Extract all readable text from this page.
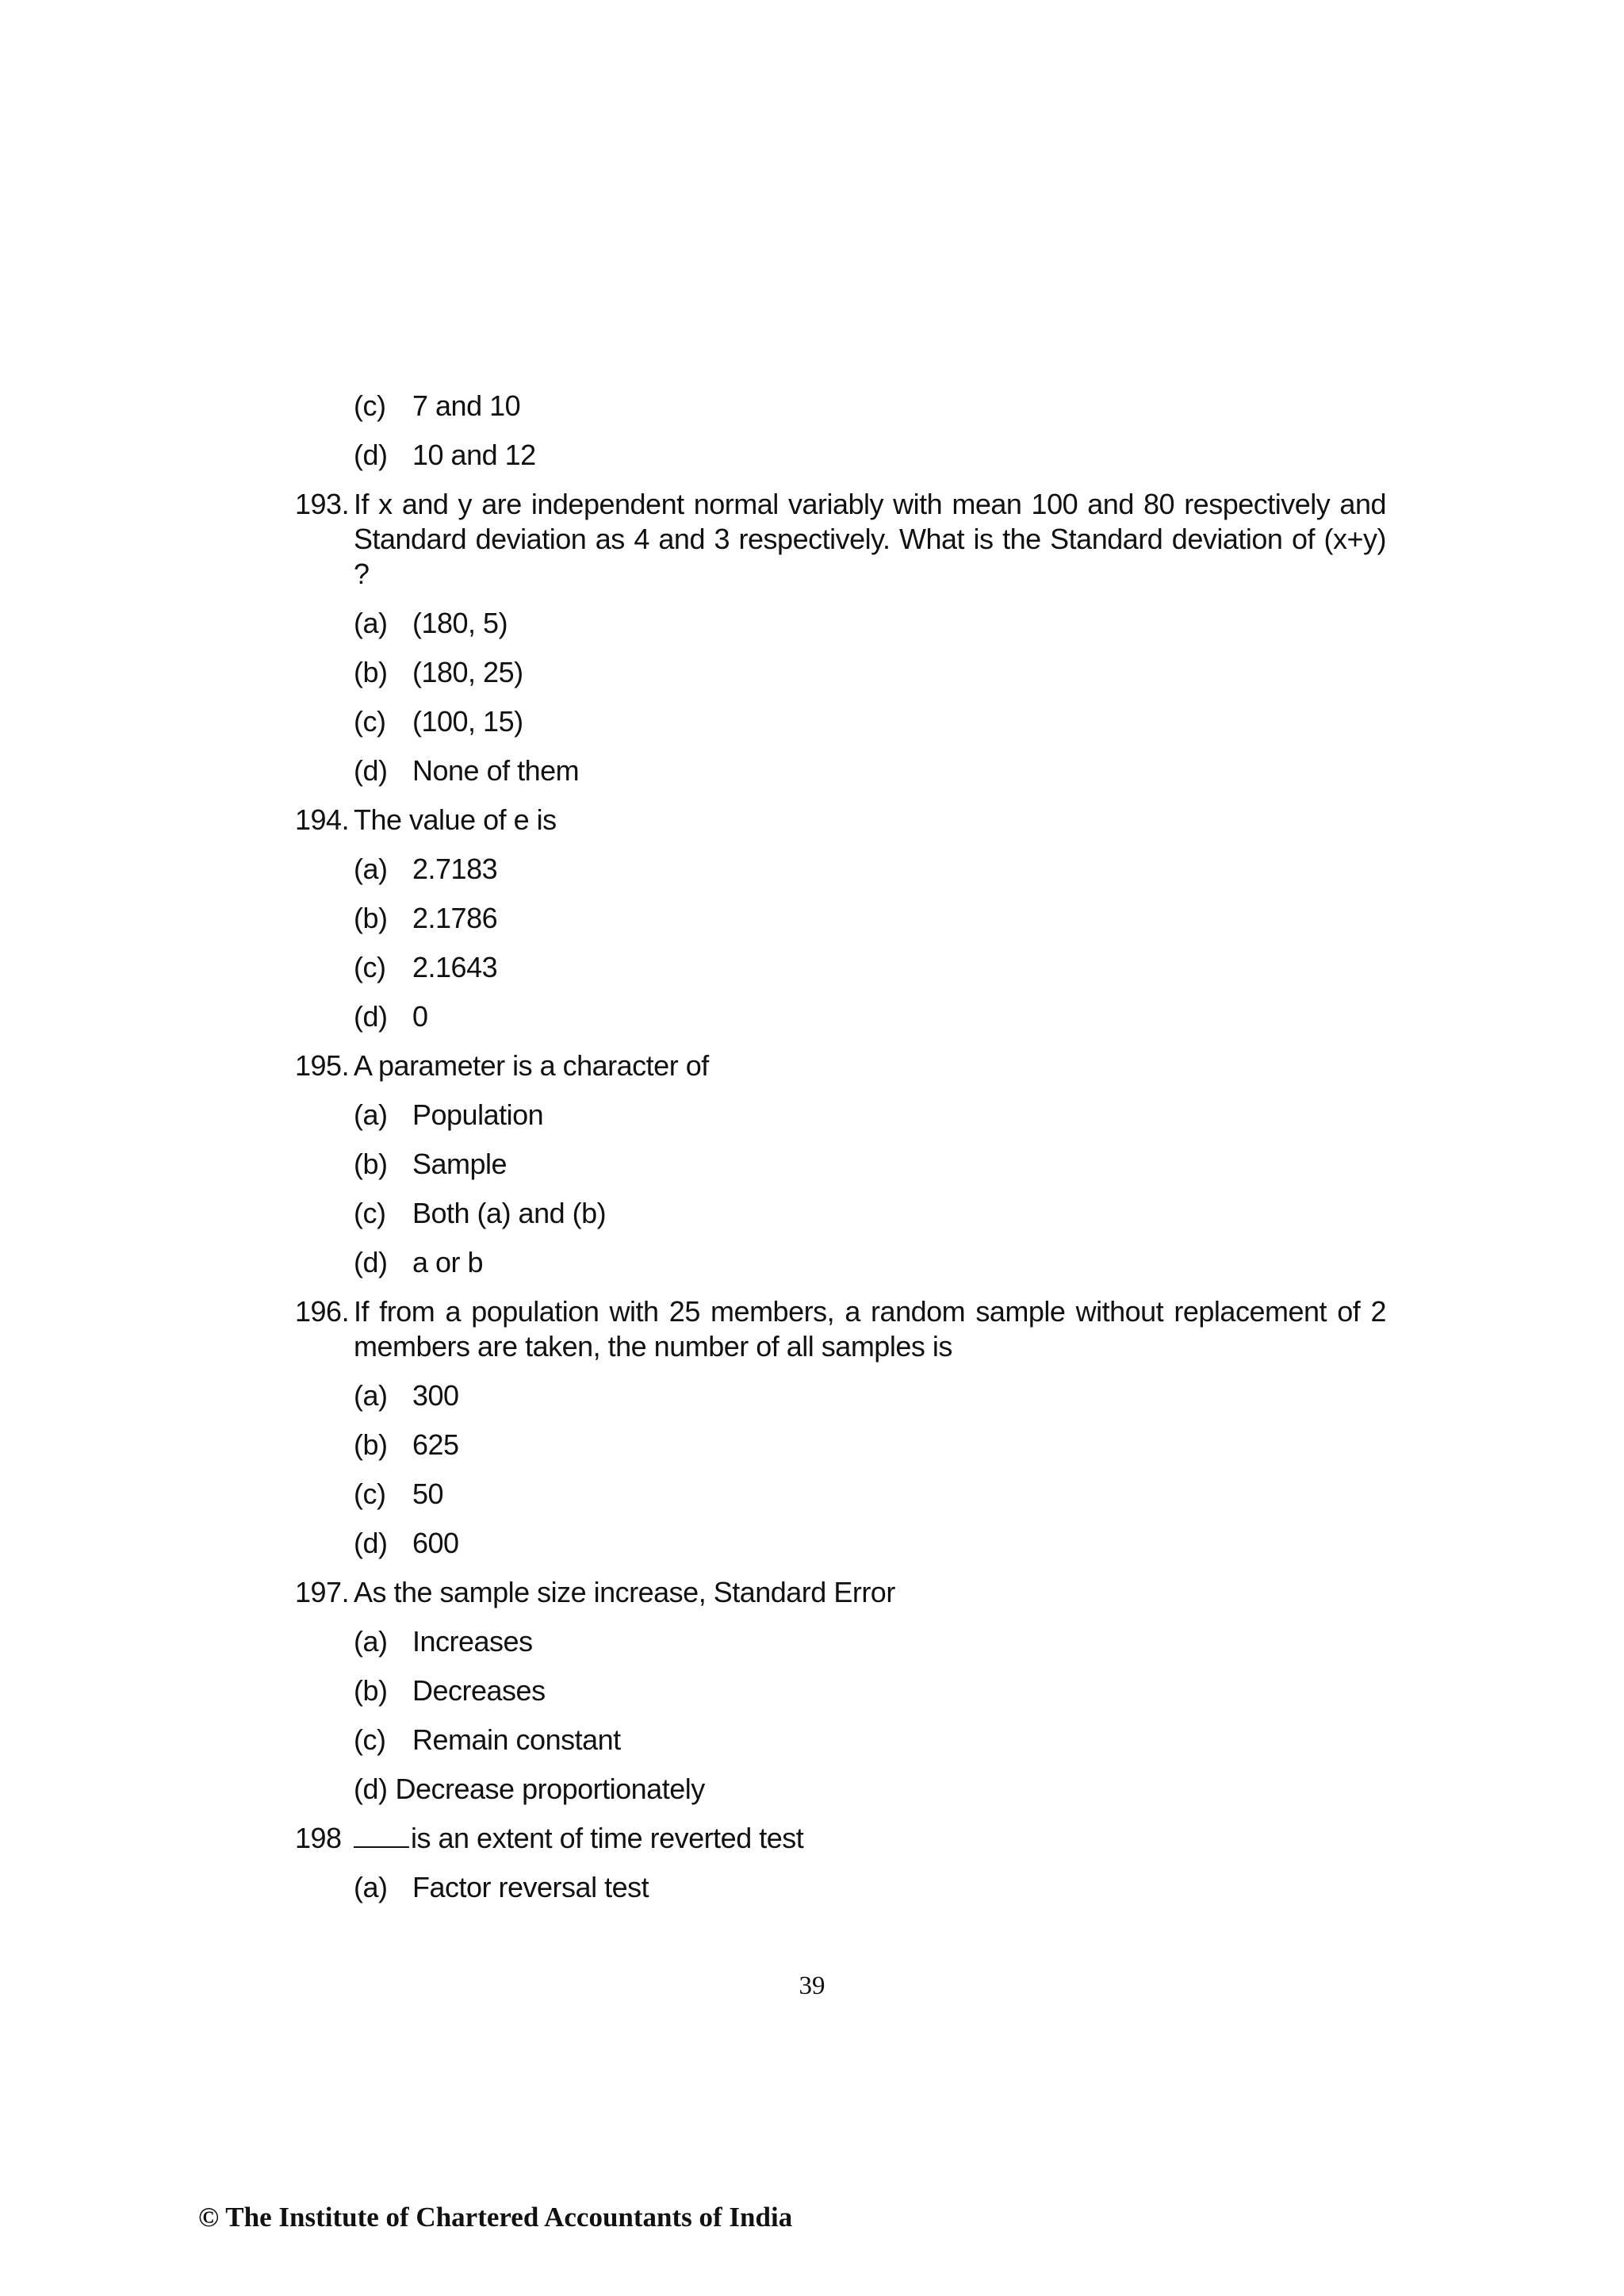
(c) 7 and 10
(d) 10 and 12
193. If x and y are independent normal variably with mean 100 and 80 respectively and Standard deviation as 4 and 3 respectively. What is the Standard deviation of (x+y) ?
(a) (180, 5)
(b) (180, 25)
(c) (100, 15)
(d) None of them
194. The value of e is
(a) 2.7183
(b) 2.1786
(c) 2.1643
(d) 0
195. A parameter is a character of
(a) Population
(b) Sample
(c) Both (a) and (b)
(d) a or b
196. If from a population with 25 members, a random sample without replacement of 2 members are taken, the number of all samples is
(a) 300
(b) 625
(c) 50
(d) 600
197. As the sample size increase, Standard Error
(a) Increases
(b) Decreases
(c) Remain constant
(d) Decrease proportionately
198	is an extent of time reverted test
(a) Factor reversal test
39
© The Institute of Chartered Accountants of India
